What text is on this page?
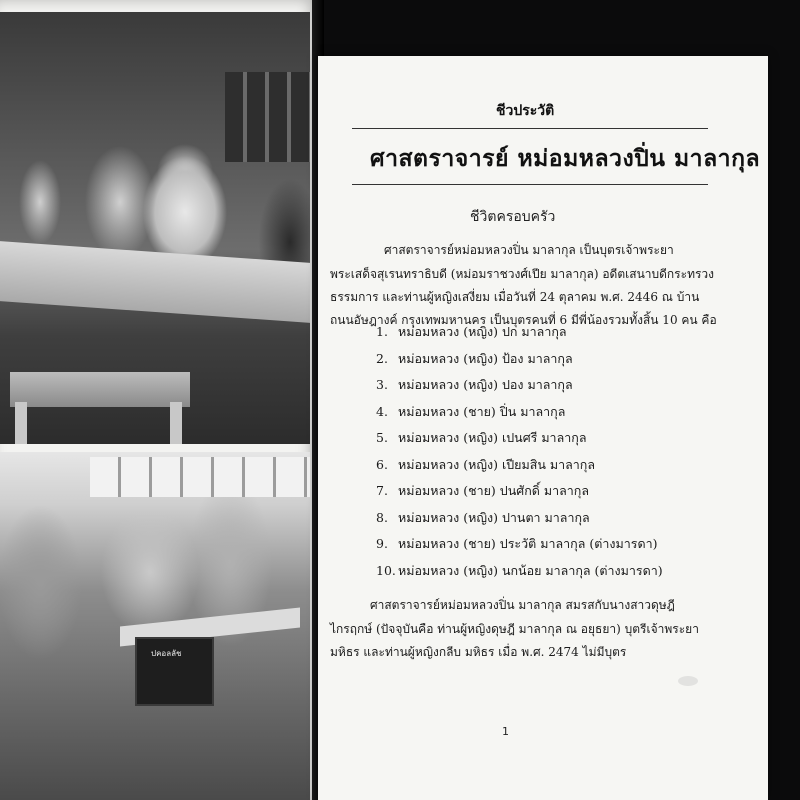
ปคอลลัช
ชีวประวัติ
ศาสตราจารย์ หม่อมหลวงปิ่น มาลากุล
ชีวิตครอบครัว
ศาสตราจารย์หม่อมหลวงปิ่น มาลากุล เป็นบุตรเจ้าพระยา
พระเสด็จสุเรนทราธิบดี (หม่อมราชวงศ์เปีย มาลากุล) อดีตเสนาบดีกระทรวง
ธรรมการ และท่านผู้หญิงเสงี่ยม เมื่อวันที่ 24 ตุลาคม พ.ศ. 2446 ณ บ้าน
ถนนอัษฎางค์ กรุงเทพมหานคร เป็นบุตรคนที่ 6 มีพี่น้องรวมทั้งสิ้น 10 คน คือ
1. หม่อมหลวง (หญิง) ปก มาลากุล
2. หม่อมหลวง (หญิง) ป้อง มาลากุล
3. หม่อมหลวง (หญิง) ปอง มาลากุล
4. หม่อมหลวง (ชาย) ปิ่น มาลากุล
5. หม่อมหลวง (หญิง) เปนศรี มาลากุล
6. หม่อมหลวง (หญิง) เปียมสิน มาลากุล
7. หม่อมหลวง (ชาย) ปนศักดิ์ มาลากุล
8. หม่อมหลวง (หญิง) ปานตา มาลากุล
9. หม่อมหลวง (ชาย) ประวัติ มาลากุล (ต่างมารดา)
10. หม่อมหลวง (หญิง) นกน้อย มาลากุล (ต่างมารดา)
ศาสตราจารย์หม่อมหลวงปิ่น มาลากุล สมรสกับนางสาวดุษฎี
ไกรฤกษ์ (ปัจจุบันคือ ท่านผู้หญิงดุษฎี มาลากุล ณ อยุธยา) บุตรีเจ้าพระยา
มหิธร และท่านผู้หญิงกลีบ มหิธร เมื่อ พ.ศ. 2474 ไม่มีบุตร
1
